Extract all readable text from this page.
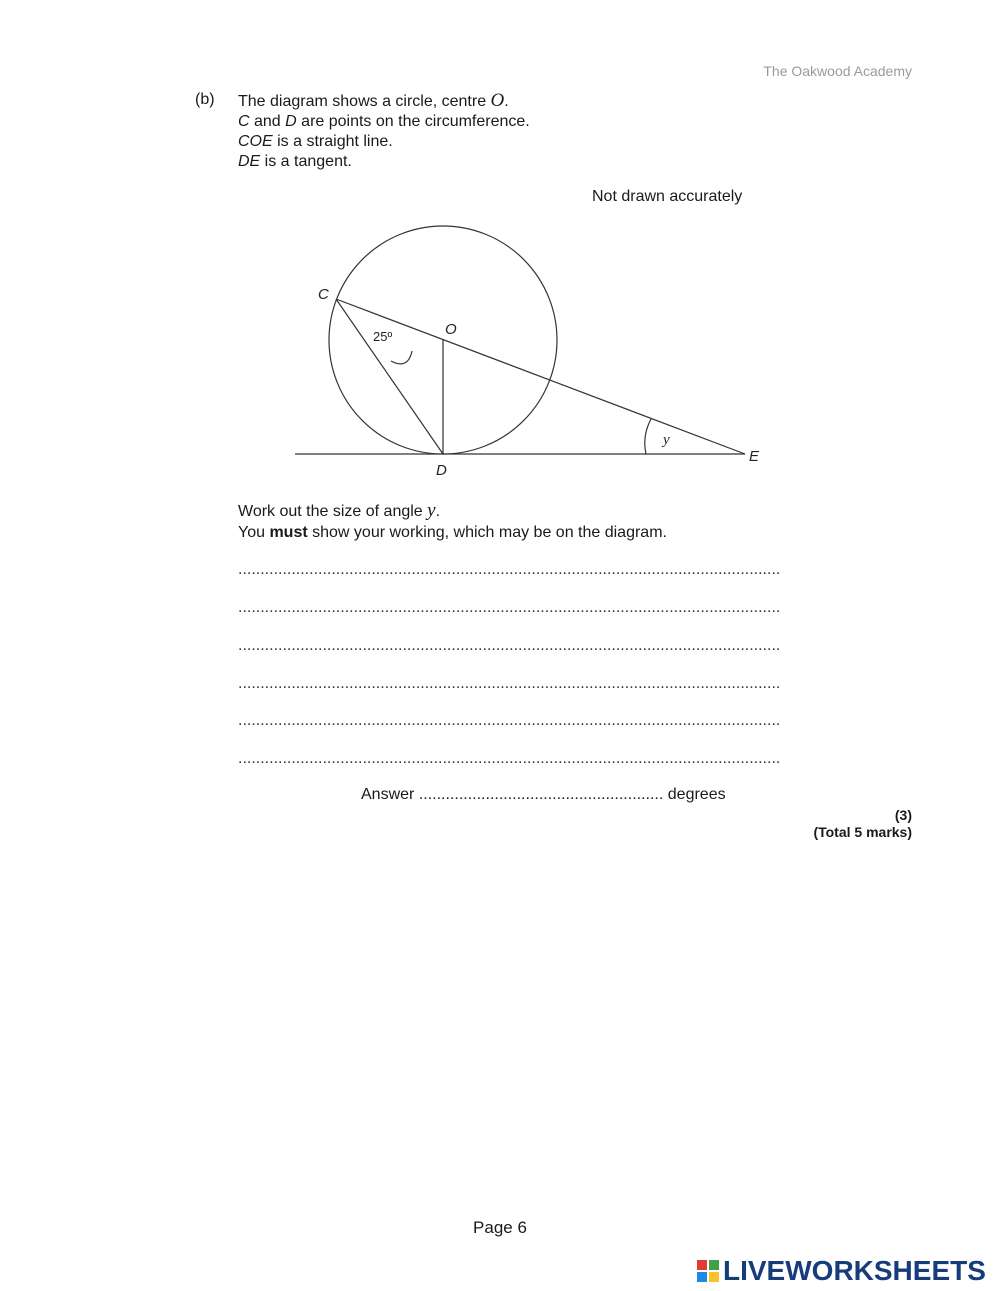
The Oakwood Academy
(b) The diagram shows a circle, centre O.
C and D are points on the circumference.
COE is a straight line.
DE is a tangent.
Not drawn accurately
C
O
D
E
25º
y
Work out the size of angle y.
You must show your working, which may be on the diagram.
..........................................................................................................................
..........................................................................................................................
..........................................................................................................................
..........................................................................................................................
..........................................................................................................................
..........................................................................................................................
Answer ....................................................... degrees
(3)
(Total 5 marks)
Page 6
LIVEWORKSHEETS
